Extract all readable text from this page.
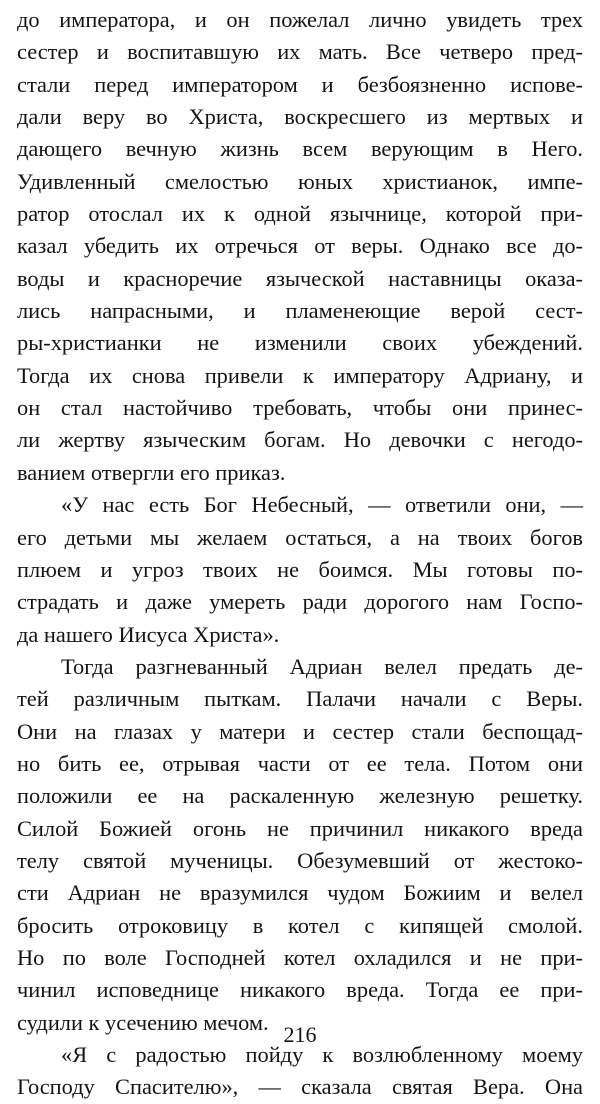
до императора, и он пожелал лично увидеть трех
сестер и воспитавшую их мать. Все четверо пред-
стали перед императором и безбоязненно испове-
дали веру во Христа, воскресшего из мертвых и
дающего вечную жизнь всем верующим в Него.
Удивленный смелостью юных христианок, импе-
ратор отослал их к одной язычнице, которой при-
казал убедить их отречься от веры. Однако все до-
воды и красноречие языческой наставницы оказа-
лись напрасными, и пламенеющие верой сест-
ры-христианки не изменили своих убеждений.
Тогда их снова привели к императору Адриану, и
он стал настойчиво требовать, чтобы они принес-
ли жертву языческим богам. Но девочки с негодо-
ванием отвергли его приказ.
«У нас есть Бог Небесный, — ответили они, —
его детьми мы желаем остаться, а на твоих богов
плюем и угроз твоих не боимся. Мы готовы по-
страдать и даже умереть ради дорогого нам Госпо-
да нашего Иисуса Христа».
Тогда разгневанный Адриан велел предать де-
тей различным пыткам. Палачи начали с Веры.
Они на глазах у матери и сестер стали беспощад-
но бить ее, отрывая части от ее тела. Потом они
положили ее на раскаленную железную решетку.
Силой Божией огонь не причинил никакого вреда
телу святой мученицы. Обезумевший от жестоко-
сти Адриан не вразумился чудом Божиим и велел
бросить отроковицу в котел с кипящей смолой.
Но по воле Господней котел охладился и не при-
чинил исповеднице никакого вреда. Тогда ее при-
судили к усечению мечом.
«Я с радостью пойду к возлюбленному моему
Господу Спасителю», — сказала святая Вера. Она
216
